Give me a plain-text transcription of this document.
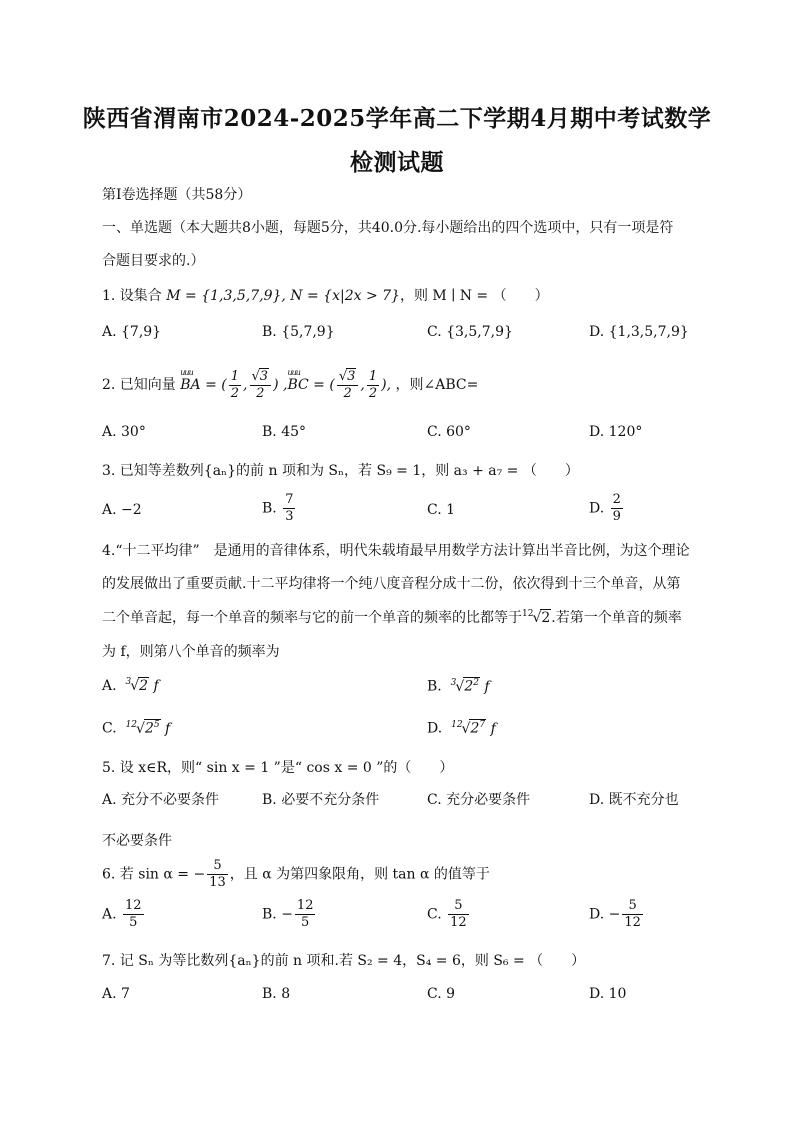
陕西省渭南市2024-2025学年高二下学期4月期中考试数学
检测试题
第I卷选择题（共58分）
一、单选题（本大题共8小题，每题5分，共40.0分.每小题给出的四个选项中，只有一项是符
合题目要求的.）
1. 设集合 M = {1,3,5,7,9}, N = {x|2x > 7}，则 M ∣ N = （　　）
A. {7,9}	B. {5,7,9}	C. {3,5,7,9}	D. {1,3,5,7,9}
2. 已知向量 uuu BA = ( $\frac{1}{2}$ , $\frac{√3}{2}$ ) ,uuu BC = ( $\frac{√3}{2}$ , $\frac{1}{2}$ ), ，则∠ABC=
A. 30°	B. 45°	C. 60°	D. 120°
3. 已知等差数列{aₙ}的前 n 项和为 Sₙ，若 S₉ = 1，则 a₃ + a₇ = （　　）
A. −2	B. $\frac{7}{3}$	C. 1	D. $\frac{2}{9}$
4.“十二平均律”　是通用的音律体系，明代朱载堉最早用数学方法计算出半音比例，为这个理论
的发展做出了重要贡献.十二平均律将一个纯八度音程分成十二份，依次得到十三个单音，从第
二个单音起，每一个单音的频率与它的前一个单音的频率的比都等于$^{12}$√2.若第一个单音的频率
为 f，则第八个单音的频率为
A. $^3$√2 f	B. $^3√2^2$ f
C. $^{12}√2^5$ f	D. $^{12}√2^7$ f
5. 设 x∈R，则“ sin x = 1 ”是“ cos x = 0 ”的（　　）
A. 充分不必要条件	B. 必要不充分条件	C. 充分必要条件	D. 既不充分也
不必要条件
6. 若 sin α = − $\frac{5}{13}$ ，且 α 为第四象限角，则 tan α 的值等于
A. $\frac{12}{5}$	B. − $\frac{12}{5}$	C. $\frac{5}{12}$	D. − $\frac{5}{12}$
7. 记 Sₙ 为等比数列{aₙ}的前 n 项和.若 S₂ = 4，S₄ = 6，则 S₆ = （　　）
A. 7	B. 8	C. 9	D. 10
